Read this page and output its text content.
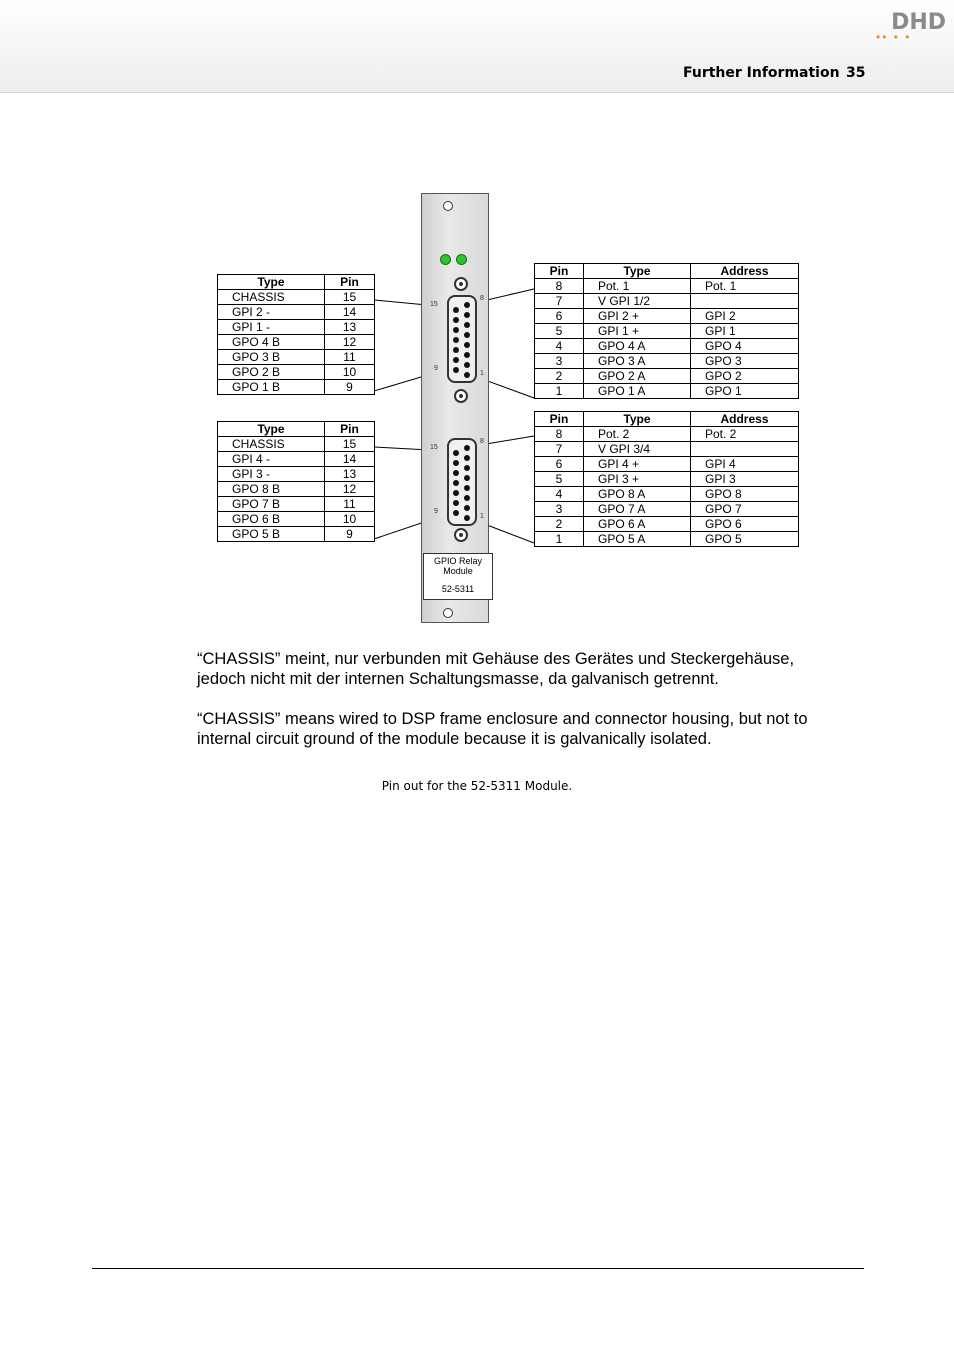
DHD
•• • •
Further Information 35
15
8
9
1
15
8
9
1
GPIO Relay
Module
52-5311
Type	Pin
CHASSIS	15
GPI 2 -	14
GPI 1 -	13
GPO 4 B	12
GPO 3 B	11
GPO 2 B	10
GPO 1 B	9
Type	Pin
CHASSIS	15
GPI 4 -	14
GPI 3 -	13
GPO 8 B	12
GPO 7 B	11
GPO 6 B	10
GPO 5 B	9
Pin	Type	Address
8	Pot. 1	Pot. 1
7	V GPI 1/2	
6	GPI 2 +	GPI 2
5	GPI 1 +	GPI 1
4	GPO 4 A	GPO 4
3	GPO 3 A	GPO 3
2	GPO 2 A	GPO 2
1	GPO 1 A	GPO 1
Pin	Type	Address
8	Pot. 2	Pot. 2
7	V GPI 3/4	
6	GPI 4 +	GPI 4
5	GPI 3 +	GPI 3
4	GPO 8 A	GPO 8
3	GPO 7 A	GPO 7
2	GPO 6 A	GPO 6
1	GPO 5 A	GPO 5
“CHASSIS” meint, nur verbunden mit Gehäuse des Gerätes und Steckergehäuse, jedoch nicht mit der internen Schaltungsmasse, da galvanisch getrennt.
“CHASSIS” means wired to DSP frame enclosure and connector housing, but not to internal circuit ground of the module because it is galvanically isolated.
Pin out for the 52-5311 Module.
